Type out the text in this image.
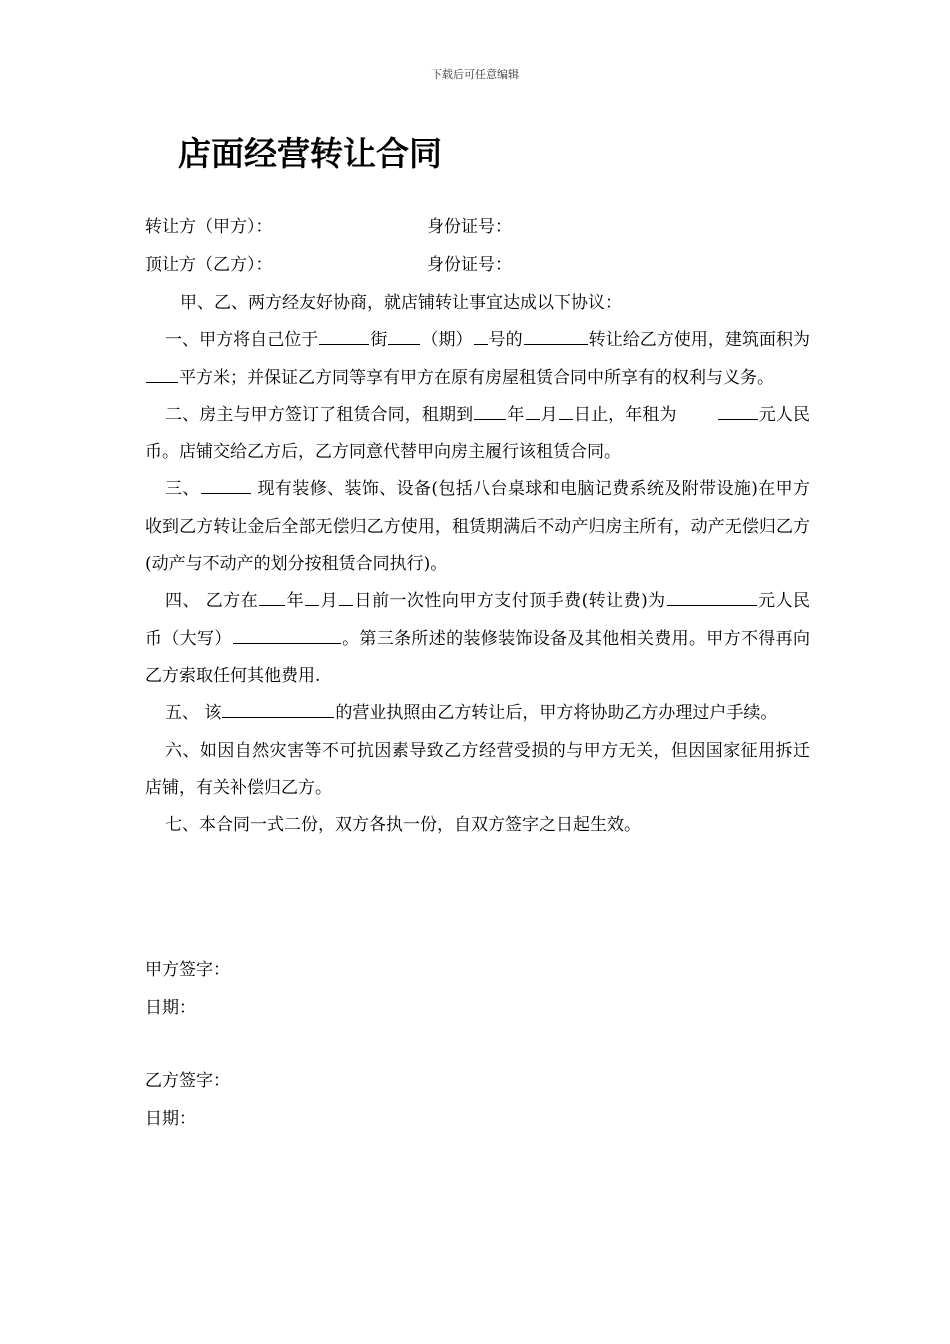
下载后可任意编辑
店面经营转让合同
转让方（甲方）：	身份证号：
顶让方（乙方）：	身份证号：

甲、乙、两方经友好协商，就店铺转让事宜达成以下协议：

一、甲方将自己位于	街 （期） 号的	转让给乙方使用，建筑面积为平方米；并保证乙方同等享有甲方在原有房屋租赁合同中所享有的权利与义务。

二、房主与甲方签订了租赁合同，租期到 年 月 日止，年租为	元人民币。店铺交给乙方后，乙方同意代替甲向房主履行该租赁合同。

三、	现有装修、装饰、设备(包括八台桌球和电脑记费系统及附带设施)在甲方收到乙方转让金后全部无偿归乙方使用，租赁期满后不动产归房主所有，动产无偿归乙方(动产与不动产的划分按租赁合同执行)。

四、 乙方在 年 月 日前一次性向甲方支付顶手费(转让费)为	元人民币（大写）	。第三条所述的装修装饰设备及其他相关费用。甲方不得再向乙方索取任何其他费用.

五、 该	的营业执照由乙方转让后，甲方将协助乙方办理过户手续。

六、如因自然灾害等不可抗因素导致乙方经营受损的与甲方无关，但因国家征用拆迁店铺，有关补偿归乙方。

七、本合同一式二份，双方各执一份，自双方签字之日起生效。

甲方签字：
日期：
乙方签字：
日期：
